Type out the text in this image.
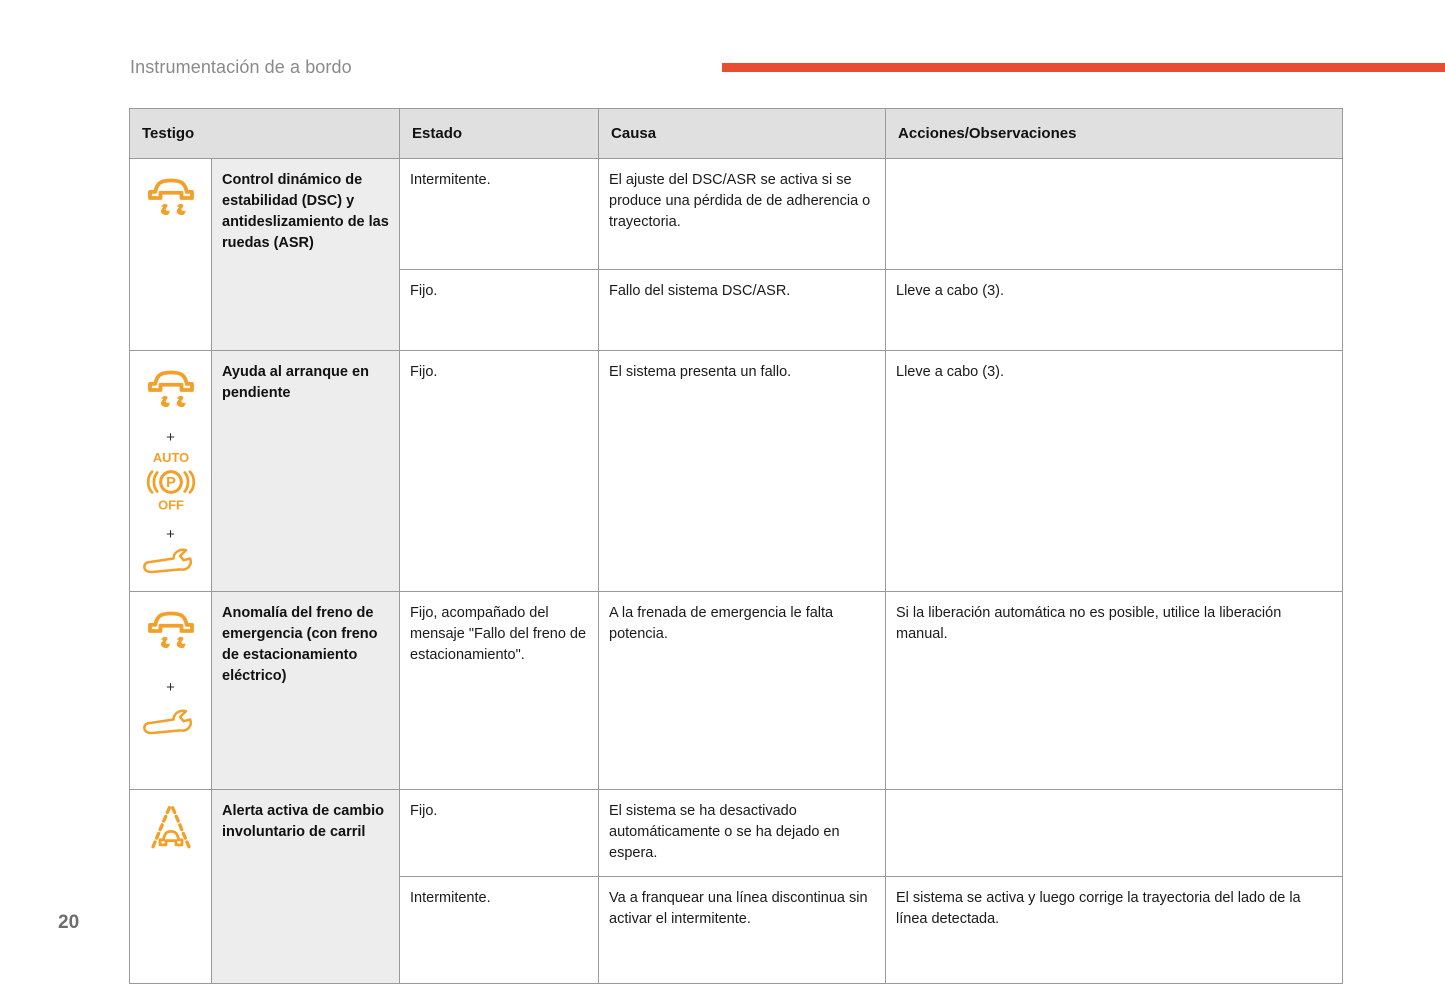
Instrumentación de a bordo
Testigo		Estado	Causa	Acciones/Observaciones

	Control dinámico de estabilidad (DSC) y antideslizamiento de las ruedas (ASR)	Intermitente.	El ajuste del DSC/ASR se activa si se produce una pérdida de de adherencia o trayectoria.	
		Fijo.	Fallo del sistema DSC/ASR.	Lleve a cabo (3).

+
AUTO
P
OFF
+	Ayuda al arranque en pendiente	Fijo.	El sistema presenta un fallo.	Lleve a cabo (3).

+	Anomalía del freno de emergencia (con freno de estacionamiento eléctrico)	Fijo, acompañado del mensaje "Fallo del freno de estacionamiento".	A la frenada de emergencia le falta potencia.	Si la liberación automática no es posible, utilice la liberación manual.

	Alerta activa de cambio involuntario de carril	Fijo.	El sistema se ha desactivado automáticamente o se ha dejado en espera.	
		Intermitente.	Va a franquear una línea discontinua sin activar el intermitente.	El sistema se activa y luego corrige la trayectoria del lado de la línea detectada.
20
